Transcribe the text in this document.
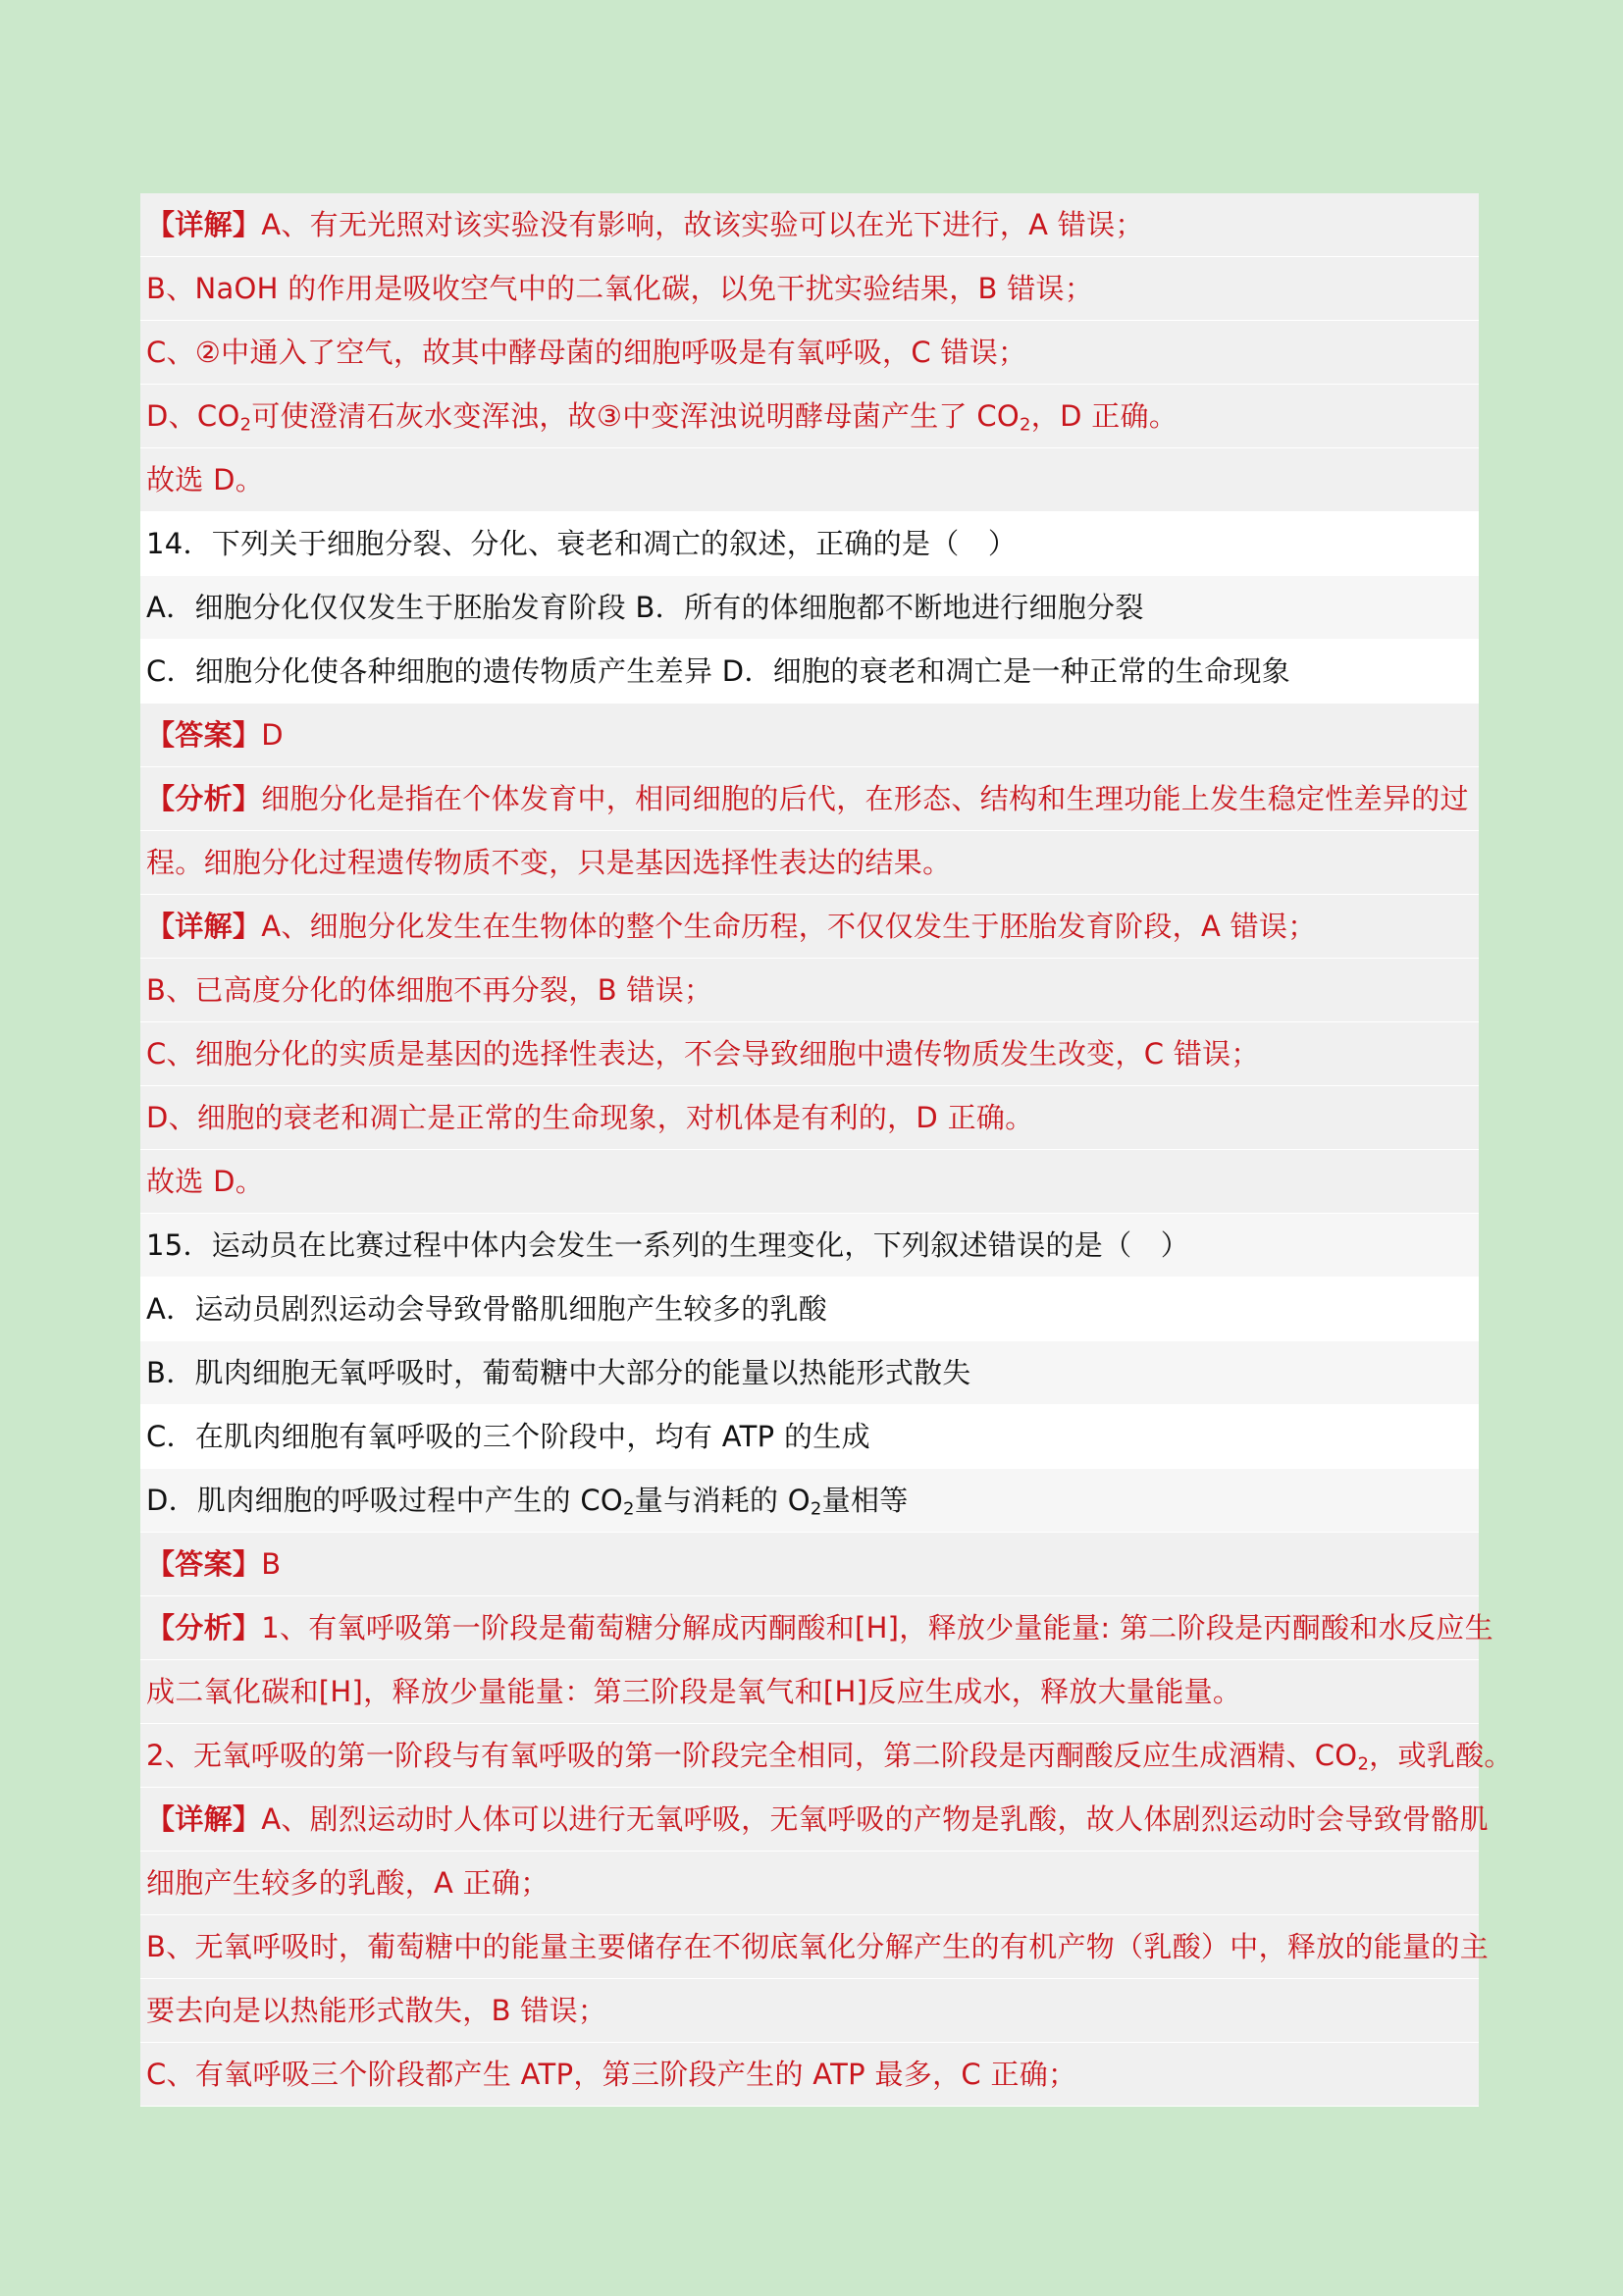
【详解】A、有无光照对该实验没有影响，故该实验可以在光下进行，A 错误；
B、NaOH 的作用是吸收空气中的二氧化碳，以免干扰实验结果，B 错误；
C、②中通入了空气，故其中酵母菌的细胞呼吸是有氧呼吸，C 错误；
D、$CO_2$可使澄清石灰水变浑浊，故③中变浑浊说明酵母菌产生了 $CO_2$，D 正确。
故选 D。
14．下列关于细胞分裂、分化、衰老和凋亡的叙述，正确的是（　）
A．细胞分化仅仅发生于胚胎发育阶段 B．所有的体细胞都不断地进行细胞分裂
C．细胞分化使各种细胞的遗传物质产生差异 D．细胞的衰老和凋亡是一种正常的生命现象
【答案】D
【分析】细胞分化是指在个体发育中，相同细胞的后代，在形态、结构和生理功能上发生稳定性差异的过
程。细胞分化过程遗传物质不变，只是基因选择性表达的结果。
【详解】A、细胞分化发生在生物体的整个生命历程，不仅仅发生于胚胎发育阶段，A 错误；
B、已高度分化的体细胞不再分裂，B 错误；
C、细胞分化的实质是基因的选择性表达，不会导致细胞中遗传物质发生改变，C 错误；
D、细胞的衰老和凋亡是正常的生命现象，对机体是有利的，D 正确。
故选 D。
15．运动员在比赛过程中体内会发生一系列的生理变化，下列叙述错误的是（　）
A．运动员剧烈运动会导致骨骼肌细胞产生较多的乳酸
B．肌肉细胞无氧呼吸时，葡萄糖中大部分的能量以热能形式散失
C．在肌肉细胞有氧呼吸的三个阶段中，均有 ATP 的生成
D．肌肉细胞的呼吸过程中产生的 $CO_2$量与消耗的 $O_2$量相等
【答案】B
【分析】1、有氧呼吸第一阶段是葡萄糖分解成丙酮酸和[H]，释放少量能量: 第二阶段是丙酮酸和水反应生
成二氧化碳和[H]，释放少量能量：第三阶段是氧气和[H]反应生成水，释放大量能量。
2、无氧呼吸的第一阶段与有氧呼吸的第一阶段完全相同，第二阶段是丙酮酸反应生成酒精、$CO_2$，或乳酸。
【详解】A、剧烈运动时人体可以进行无氧呼吸，无氧呼吸的产物是乳酸，故人体剧烈运动时会导致骨骼肌
细胞产生较多的乳酸，A 正确；
B、无氧呼吸时，葡萄糖中的能量主要储存在不彻底氧化分解产生的有机产物（乳酸）中，释放的能量的主
要去向是以热能形式散失，B 错误；
C、有氧呼吸三个阶段都产生 ATP，第三阶段产生的 ATP 最多，C 正确；
